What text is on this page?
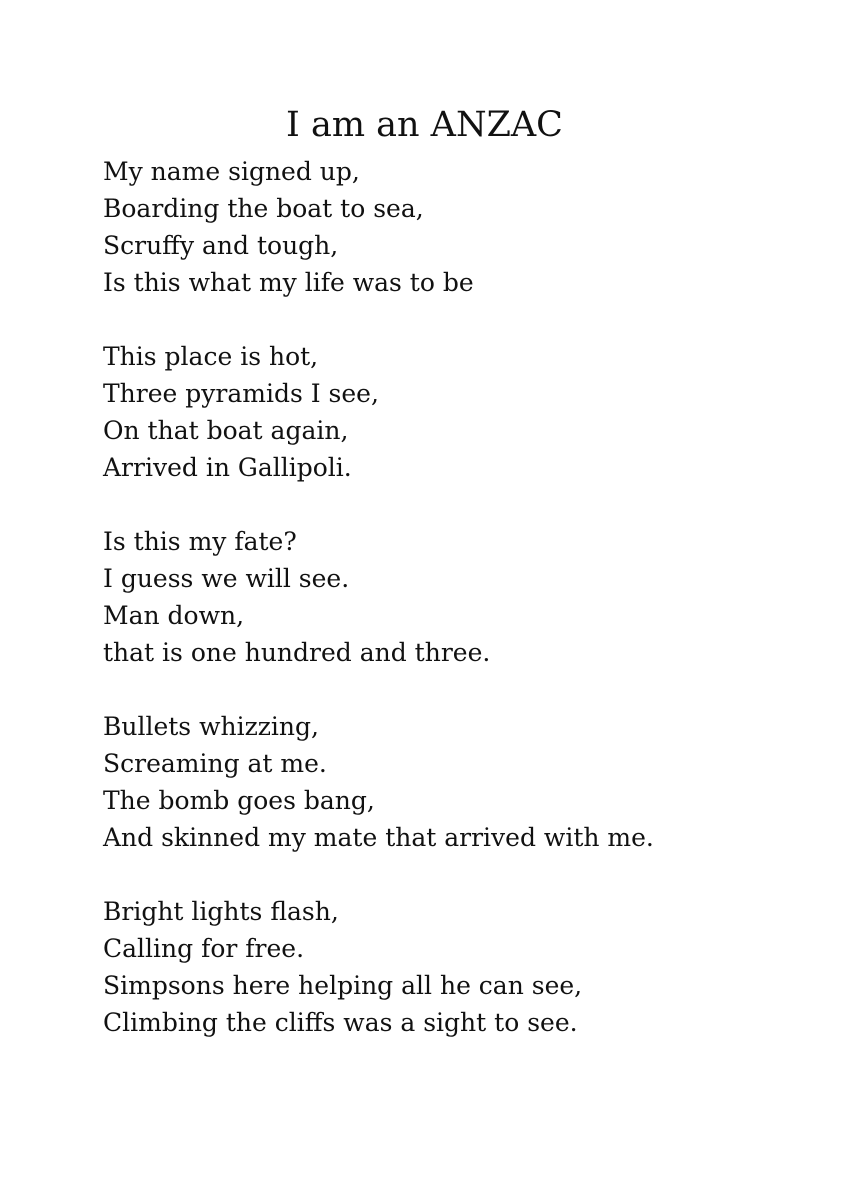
I am an ANZAC
My name signed up,
Boarding the boat to sea,
Scruffy and tough,
Is this what my life was to be
This place is hot,
Three pyramids I see,
On that boat again,
Arrived in Gallipoli.
Is this my fate?
I guess we will see.
Man down,
that is one hundred and three.
Bullets whizzing,
Screaming at me.
The bomb goes bang,
And skinned my mate that arrived with me.
Bright lights flash,
Calling for free.
Simpsons here helping all he can see,
Climbing the cliffs was a sight to see.
